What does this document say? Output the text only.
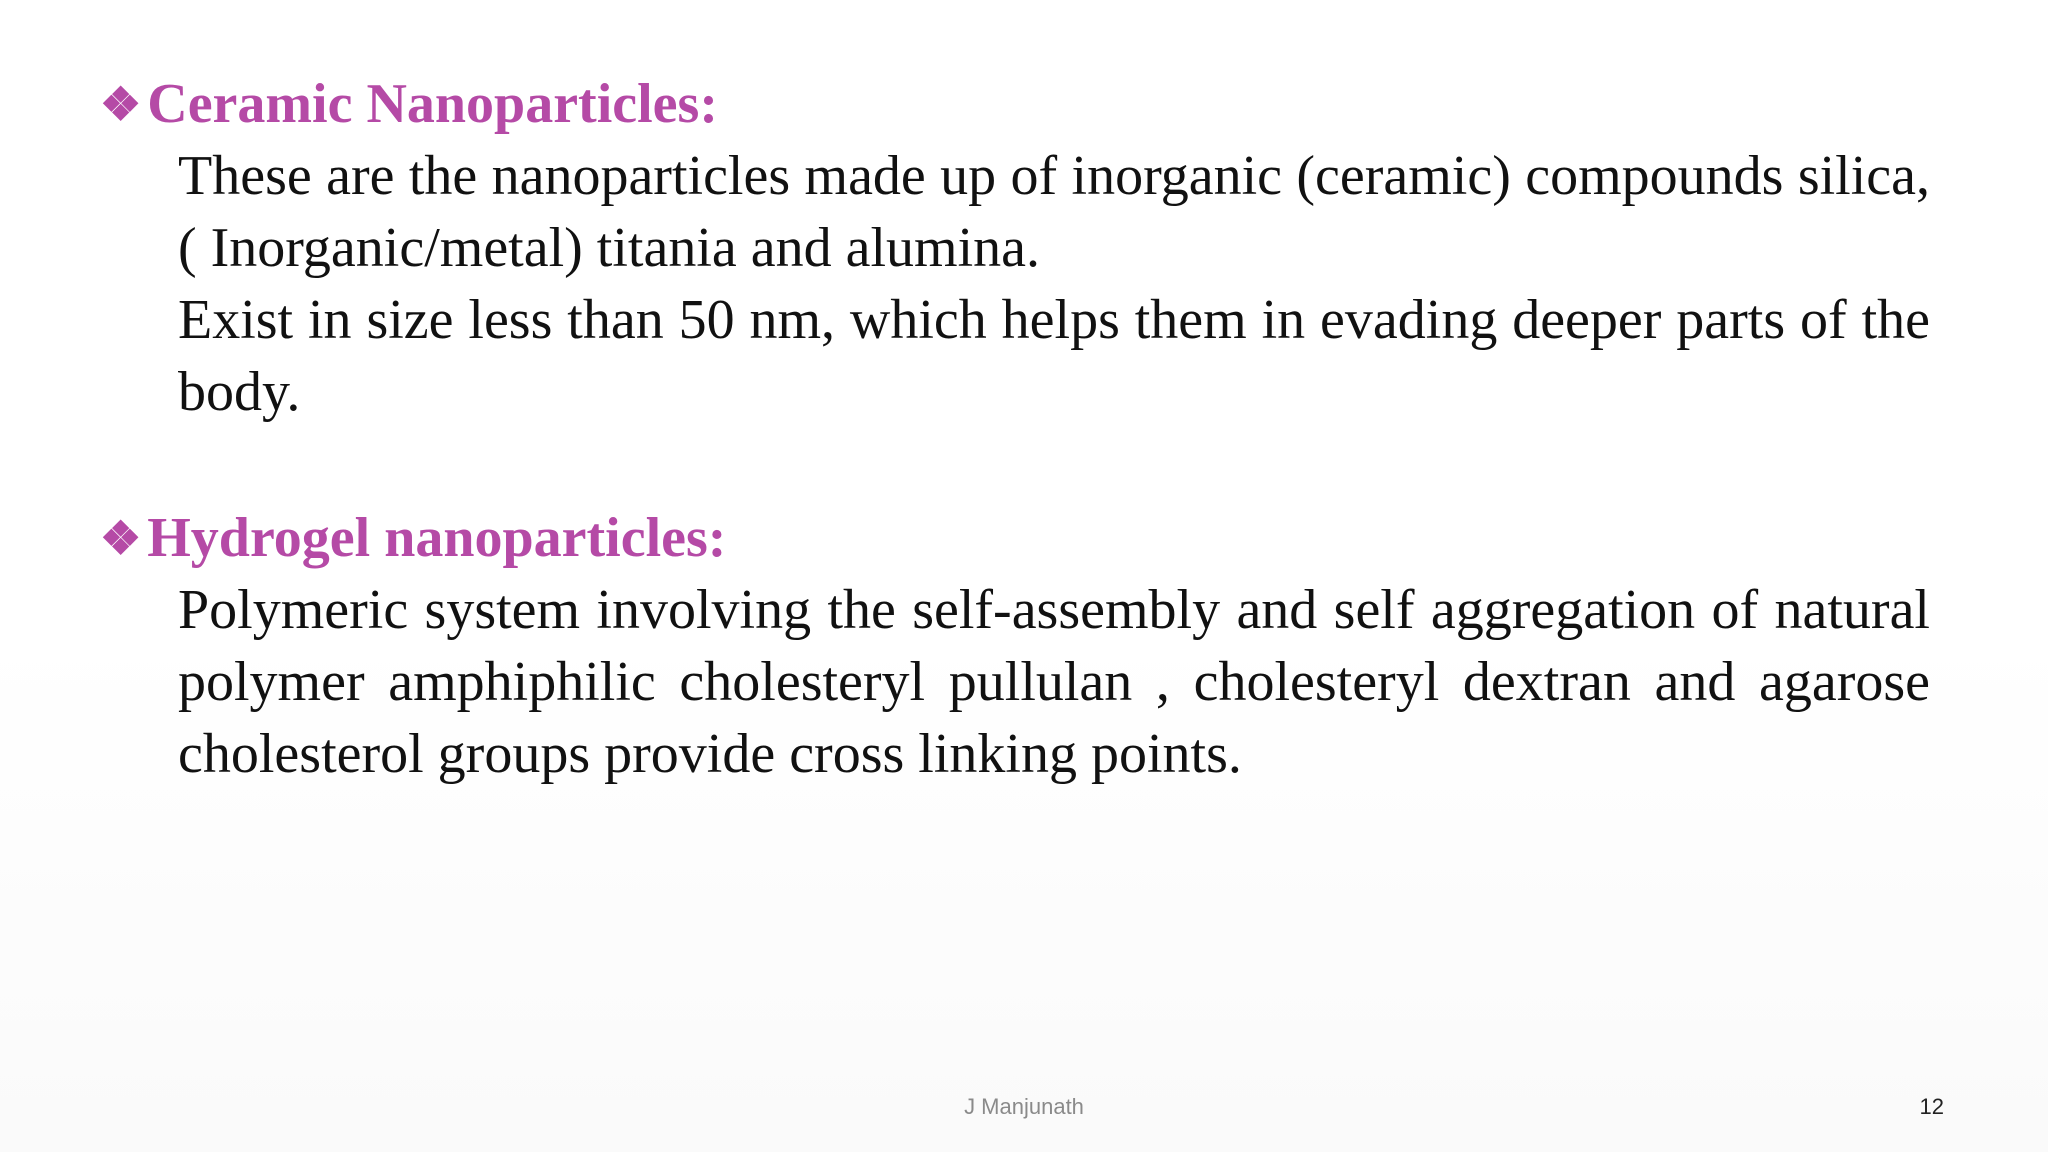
❖ Ceramic Nanoparticles:

These are the nanoparticles made up of inorganic (ceramic) compounds silica, ( Inorganic/metal) titania and alumina.

Exist in size less than 50 nm, which helps them in evading deeper parts of the body.

❖ Hydrogel nanoparticles:

Polymeric system involving the self-assembly and self aggregation of natural polymer amphiphilic cholesteryl pullulan , cholesteryl dextran and agarose cholesterol groups provide cross linking points.

J Manjunath	12
